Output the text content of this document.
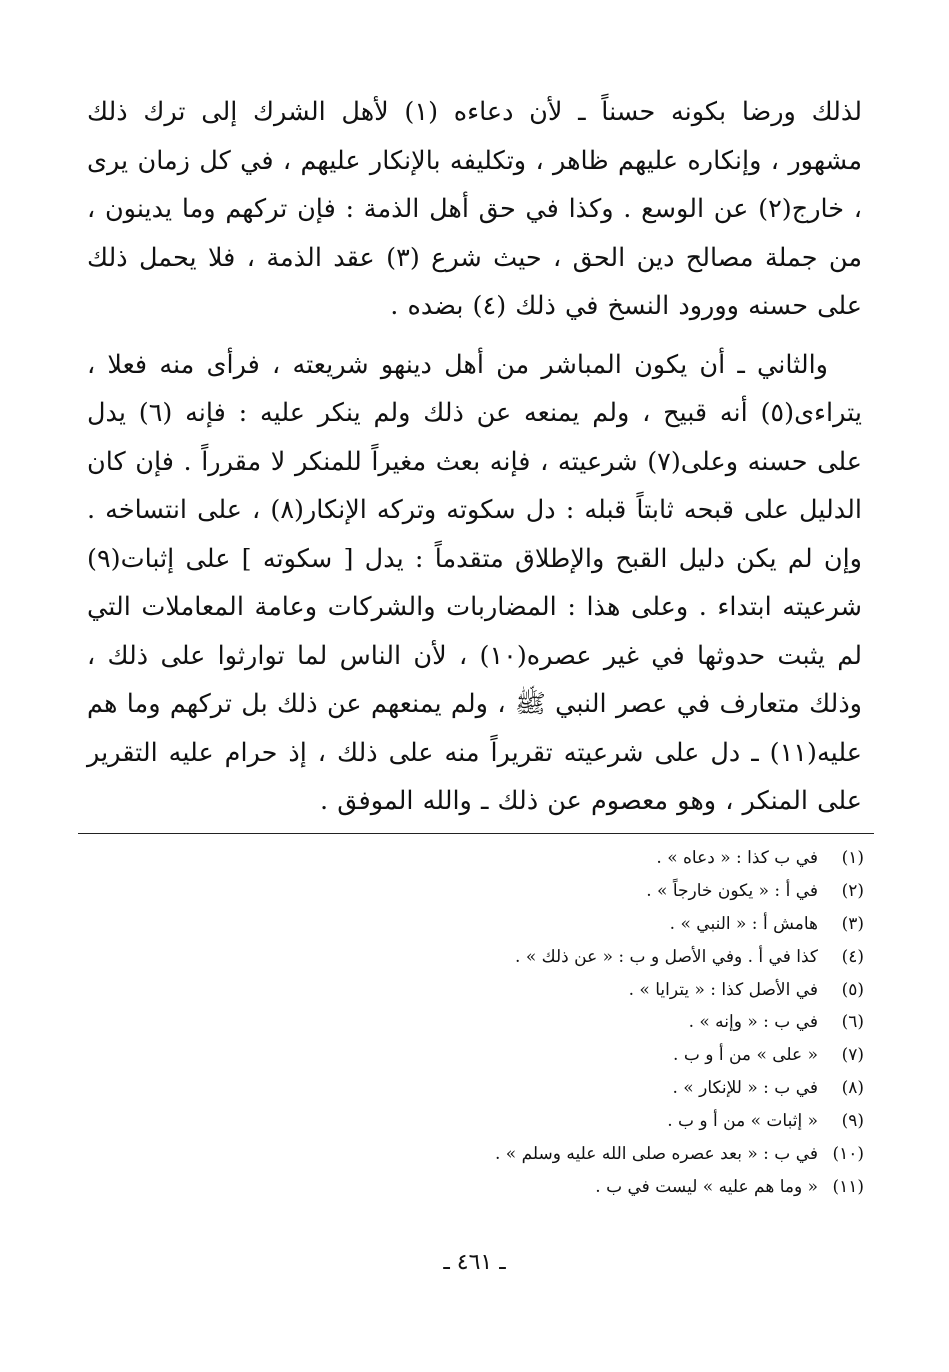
لذلك ورضا بكونه حسناً ـ لأن دعاءه (١) لأهل الشرك إلى ترك ذلك مشهور ، وإنكاره عليهم ظاهر ، وتكليفه بالإنكار عليهم ، في كل زمان يرى ، خارج(٢) عن الوسع . وكذا في حق أهل الذمة : فإن تركهم وما يدينون ، من جملة مصالح دين الحق ، حيث شرع (٣) عقد الذمة ، فلا يحمل ذلك على حسنه وورود النسخ في ذلك (٤) بضده .

والثاني ـ أن يكون المباشر من أهل دينهو شريعته ، فرأى منه فعلا ، يتراءى(٥) أنه قبيح ، ولم يمنعه عن ذلك ولم ينكر عليه : فإنه (٦) يدل على حسنه وعلى(٧) شرعيته ، فإنه بعث مغيراً للمنكر لا مقرراً . فإن كان الدليل على قبحه ثابتاً قبله : دل سكوته وتركه الإنكار(٨) ، على انتساخه . وإن لم يكن دليل القبح والإطلاق متقدماً : يدل [ سكوته ] على إثبات(٩) شرعيته ابتداء . وعلى هذا : المضاربات والشركات وعامة المعاملات التي لم يثبت حدوثها في غير عصره(١٠) ، لأن الناس لما توارثوا على ذلك ، وذلك متعارف في عصر النبي ﷺ ، ولم يمنعهم عن ذلك بل تركهم وما هم عليه(١١) ـ دل على شرعيته تقريراً منه على ذلك ، إذ حرام عليه التقرير على المنكر ، وهو معصوم عن ذلك ـ والله الموفق .

(١)في ب كذا : « دعاه » .
(٢)في أ : « يكون خارجاً » .
(٣)هامش أ : « النبي » .
(٤)كذا في أ . وفي الأصل و ب : « عن ذلك » .
(٥)في الأصل كذا : « يترايا » .
(٦)في ب : « وإنه » .
(٧)« على » من أ و ب .
(٨)في ب : « للإنكار » .
(٩)« إثبات » من أ و ب .
(١٠)في ب : « بعد عصره صلى الله عليه وسلم » .
(١١)« وما هم عليه » ليست في ب .
ـ ٤٦١ ـ
